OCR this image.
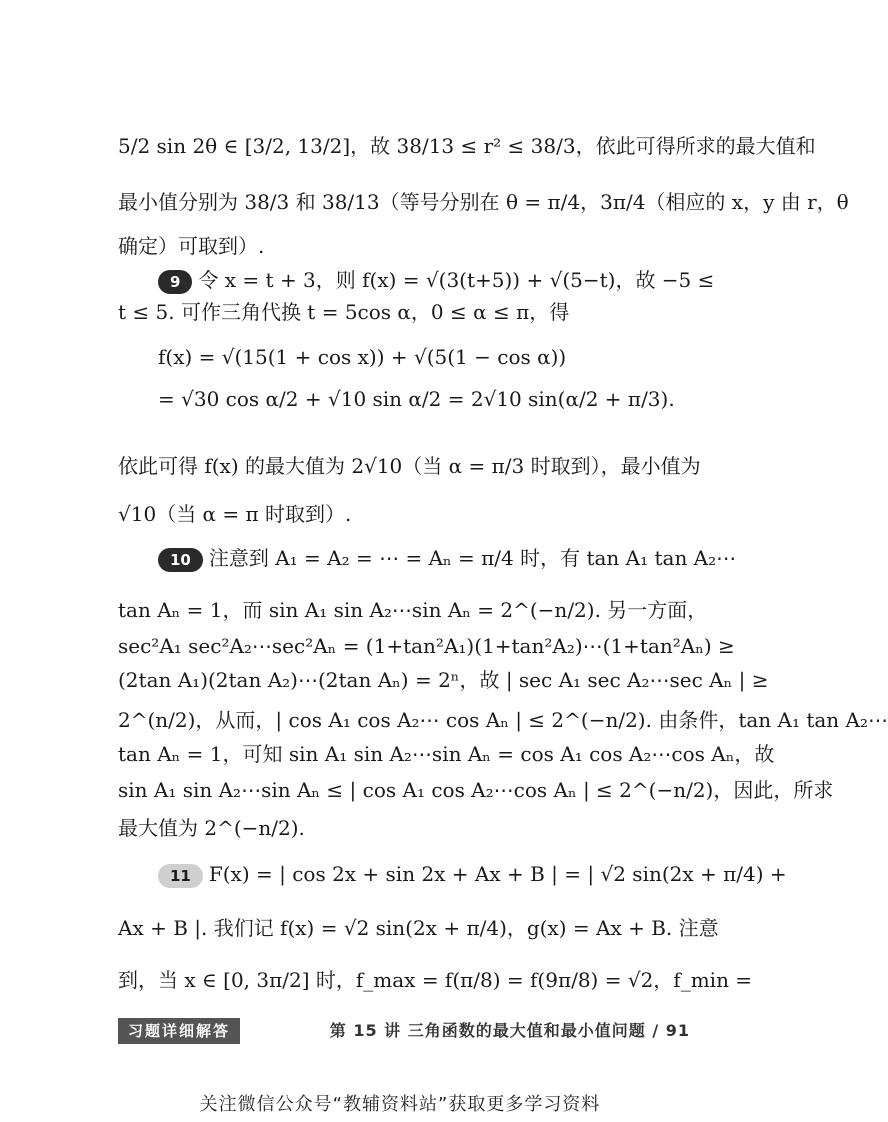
5/2 sin 2θ ∈ [3/2, 13/2]，故 38/13 ≤ r² ≤ 38/3，依此可得所求的最大值和
最小值分别为 38/3 和 38/13（等号分别在 θ = π/4，3π/4（相应的 x，y 由 r，θ
确定）可取到）.
9 令 x = t + 3，则 f(x) = √(3(t+5)) + √(5−t)，故 −5 ≤
t ≤ 5. 可作三角代换 t = 5cos α，0 ≤ α ≤ π，得
f(x) = √(15(1 + cos x)) + √(5(1 − cos α))
= √30 cos α/2 + √10 sin α/2 = 2√10 sin(α/2 + π/3).
依此可得 f(x) 的最大值为 2√10（当 α = π/3 时取到），最小值为
√10（当 α = π 时取到）.
10 注意到 A₁ = A₂ = ⋯ = Aₙ = π/4 时，有 tan A₁ tan A₂⋯
tan Aₙ = 1，而 sin A₁ sin A₂⋯sin Aₙ = 2^(−n/2). 另一方面，
sec²A₁ sec²A₂⋯sec²Aₙ = (1+tan²A₁)(1+tan²A₂)⋯(1+tan²Aₙ) ≥
(2tan A₁)(2tan A₂)⋯(2tan Aₙ) = 2ⁿ，故 | sec A₁ sec A₂⋯sec Aₙ | ≥
2^(n/2)，从而，| cos A₁ cos A₂⋯ cos Aₙ | ≤ 2^(−n/2). 由条件，tan A₁ tan A₂⋯
tan Aₙ = 1，可知 sin A₁ sin A₂⋯sin Aₙ = cos A₁ cos A₂⋯cos Aₙ，故
sin A₁ sin A₂⋯sin Aₙ ≤ | cos A₁ cos A₂⋯cos Aₙ | ≤ 2^(−n/2)，因此，所求
最大值为 2^(−n/2).
11 F(x) = | cos 2x + sin 2x + Ax + B | = | √2 sin(2x + π/4) +
Ax + B |. 我们记 f(x) = √2 sin(2x + π/4)，g(x) = Ax + B. 注意
到，当 x ∈ [0, 3π/2] 时，f_max = f(π/8) = f(9π/8) = √2，f_min =
习题详细解答	第 15 讲 三角函数的最大值和最小值问题 / 91
关注微信公众号“教辅资料站”获取更多学习资料
